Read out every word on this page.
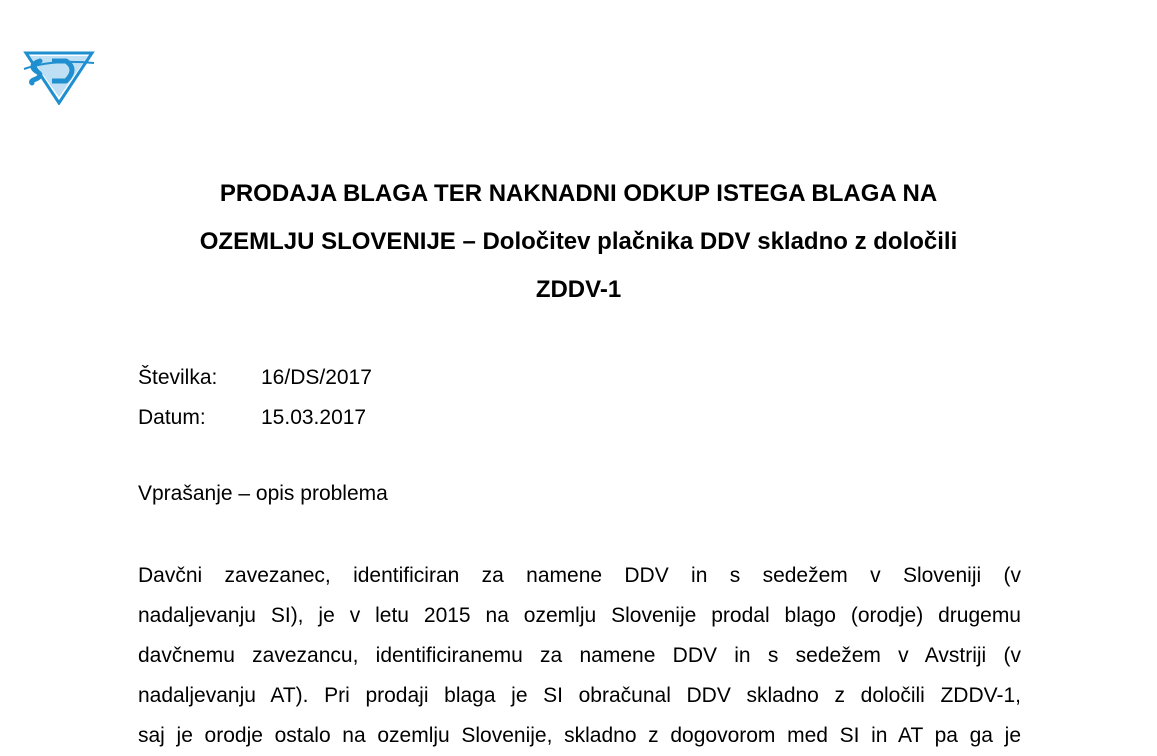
PRODAJA BLAGA TER NAKNADNI ODKUP ISTEGA BLAGA NA
OZEMLJU SLOVENIJE – Določitev plačnika DDV skladno z določili
ZDDV-1
Številka:	16/DS/2017
Datum:	15.03.2017
Vprašanje – opis problema
Davčni zavezanec, identificiran za namene DDV in s sedežem v Sloveniji (v
nadaljevanju SI), je v letu 2015 na ozemlju Slovenije prodal blago (orodje) drugemu
davčnemu zavezancu, identificiranemu za namene DDV in s sedežem v Avstriji (v
nadaljevanju AT). Pri prodaji blaga je SI obračunal DDV skladno z določili ZDDV-1,
saj je orodje ostalo na ozemlju Slovenije, skladno z dogovorom med SI in AT pa ga je
